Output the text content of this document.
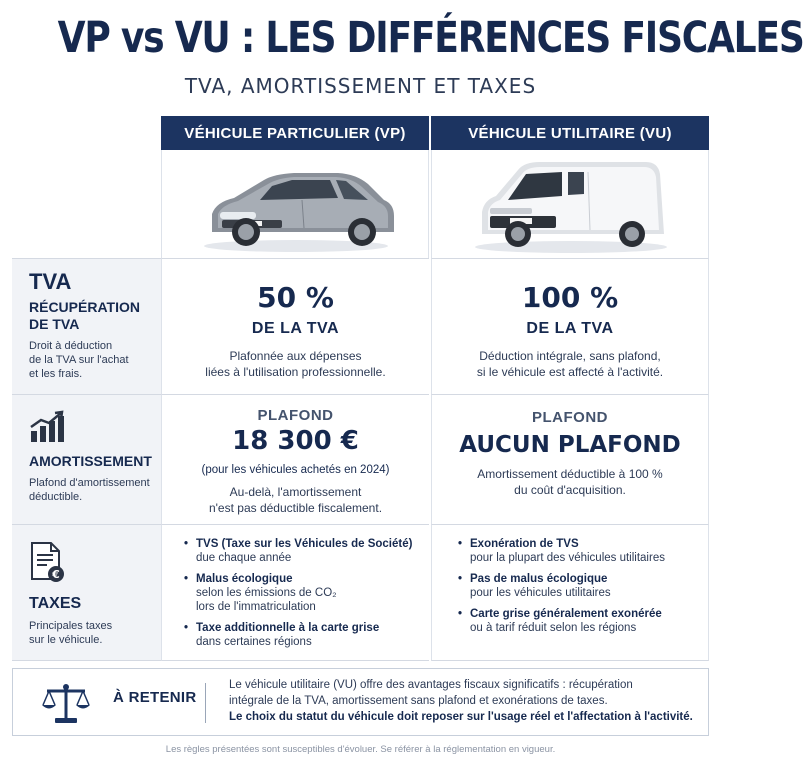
VP vs VU : LES DIFFÉRENCES FISCALES
TVA, AMORTISSEMENT ET TAXES
VÉHICULE PARTICULIER (VP)	VÉHICULE UTILITAIRE (VU)
TVA
RÉCUPÉRATION
DE TVA
Droit à déduction
de la TVA sur l'achat
et les frais.
50 %
DE LA TVA
Plafonnée aux dépenses
liées à l'utilisation professionnelle.
100 %
DE LA TVA
Déduction intégrale, sans plafond,
si le véhicule est affecté à l'activité.
AMORTISSEMENT
Plafond d'amortissement
déductible.
PLAFOND
18 300 €
(pour les véhicules achetés en 2024)
Au-delà, l'amortissement
n'est pas déductible fiscalement.
PLAFOND
AUCUN PLAFOND
Amortissement déductible à 100 %
du coût d'acquisition.
€
TAXES
Principales taxes
sur le véhicule.
• TVS (Taxe sur les Véhicules de Société)
due chaque année
• Malus écologique
selon les émissions de CO₂
lors de l'immatriculation
• Taxe additionnelle à la carte grise
dans certaines régions
• Exonération de TVS
pour la plupart des véhicules utilitaires
• Pas de malus écologique
pour les véhicules utilitaires
• Carte grise généralement exonérée
ou à tarif réduit selon les régions
À RETENIR
Le véhicule utilitaire (VU) offre des avantages fiscaux significatifs : récupération
intégrale de la TVA, amortissement sans plafond et exonérations de taxes.
Le choix du statut du véhicule doit reposer sur l'usage réel et l'affectation à l'activité.
Les règles présentées sont susceptibles d'évoluer. Se référer à la réglementation en vigueur.
